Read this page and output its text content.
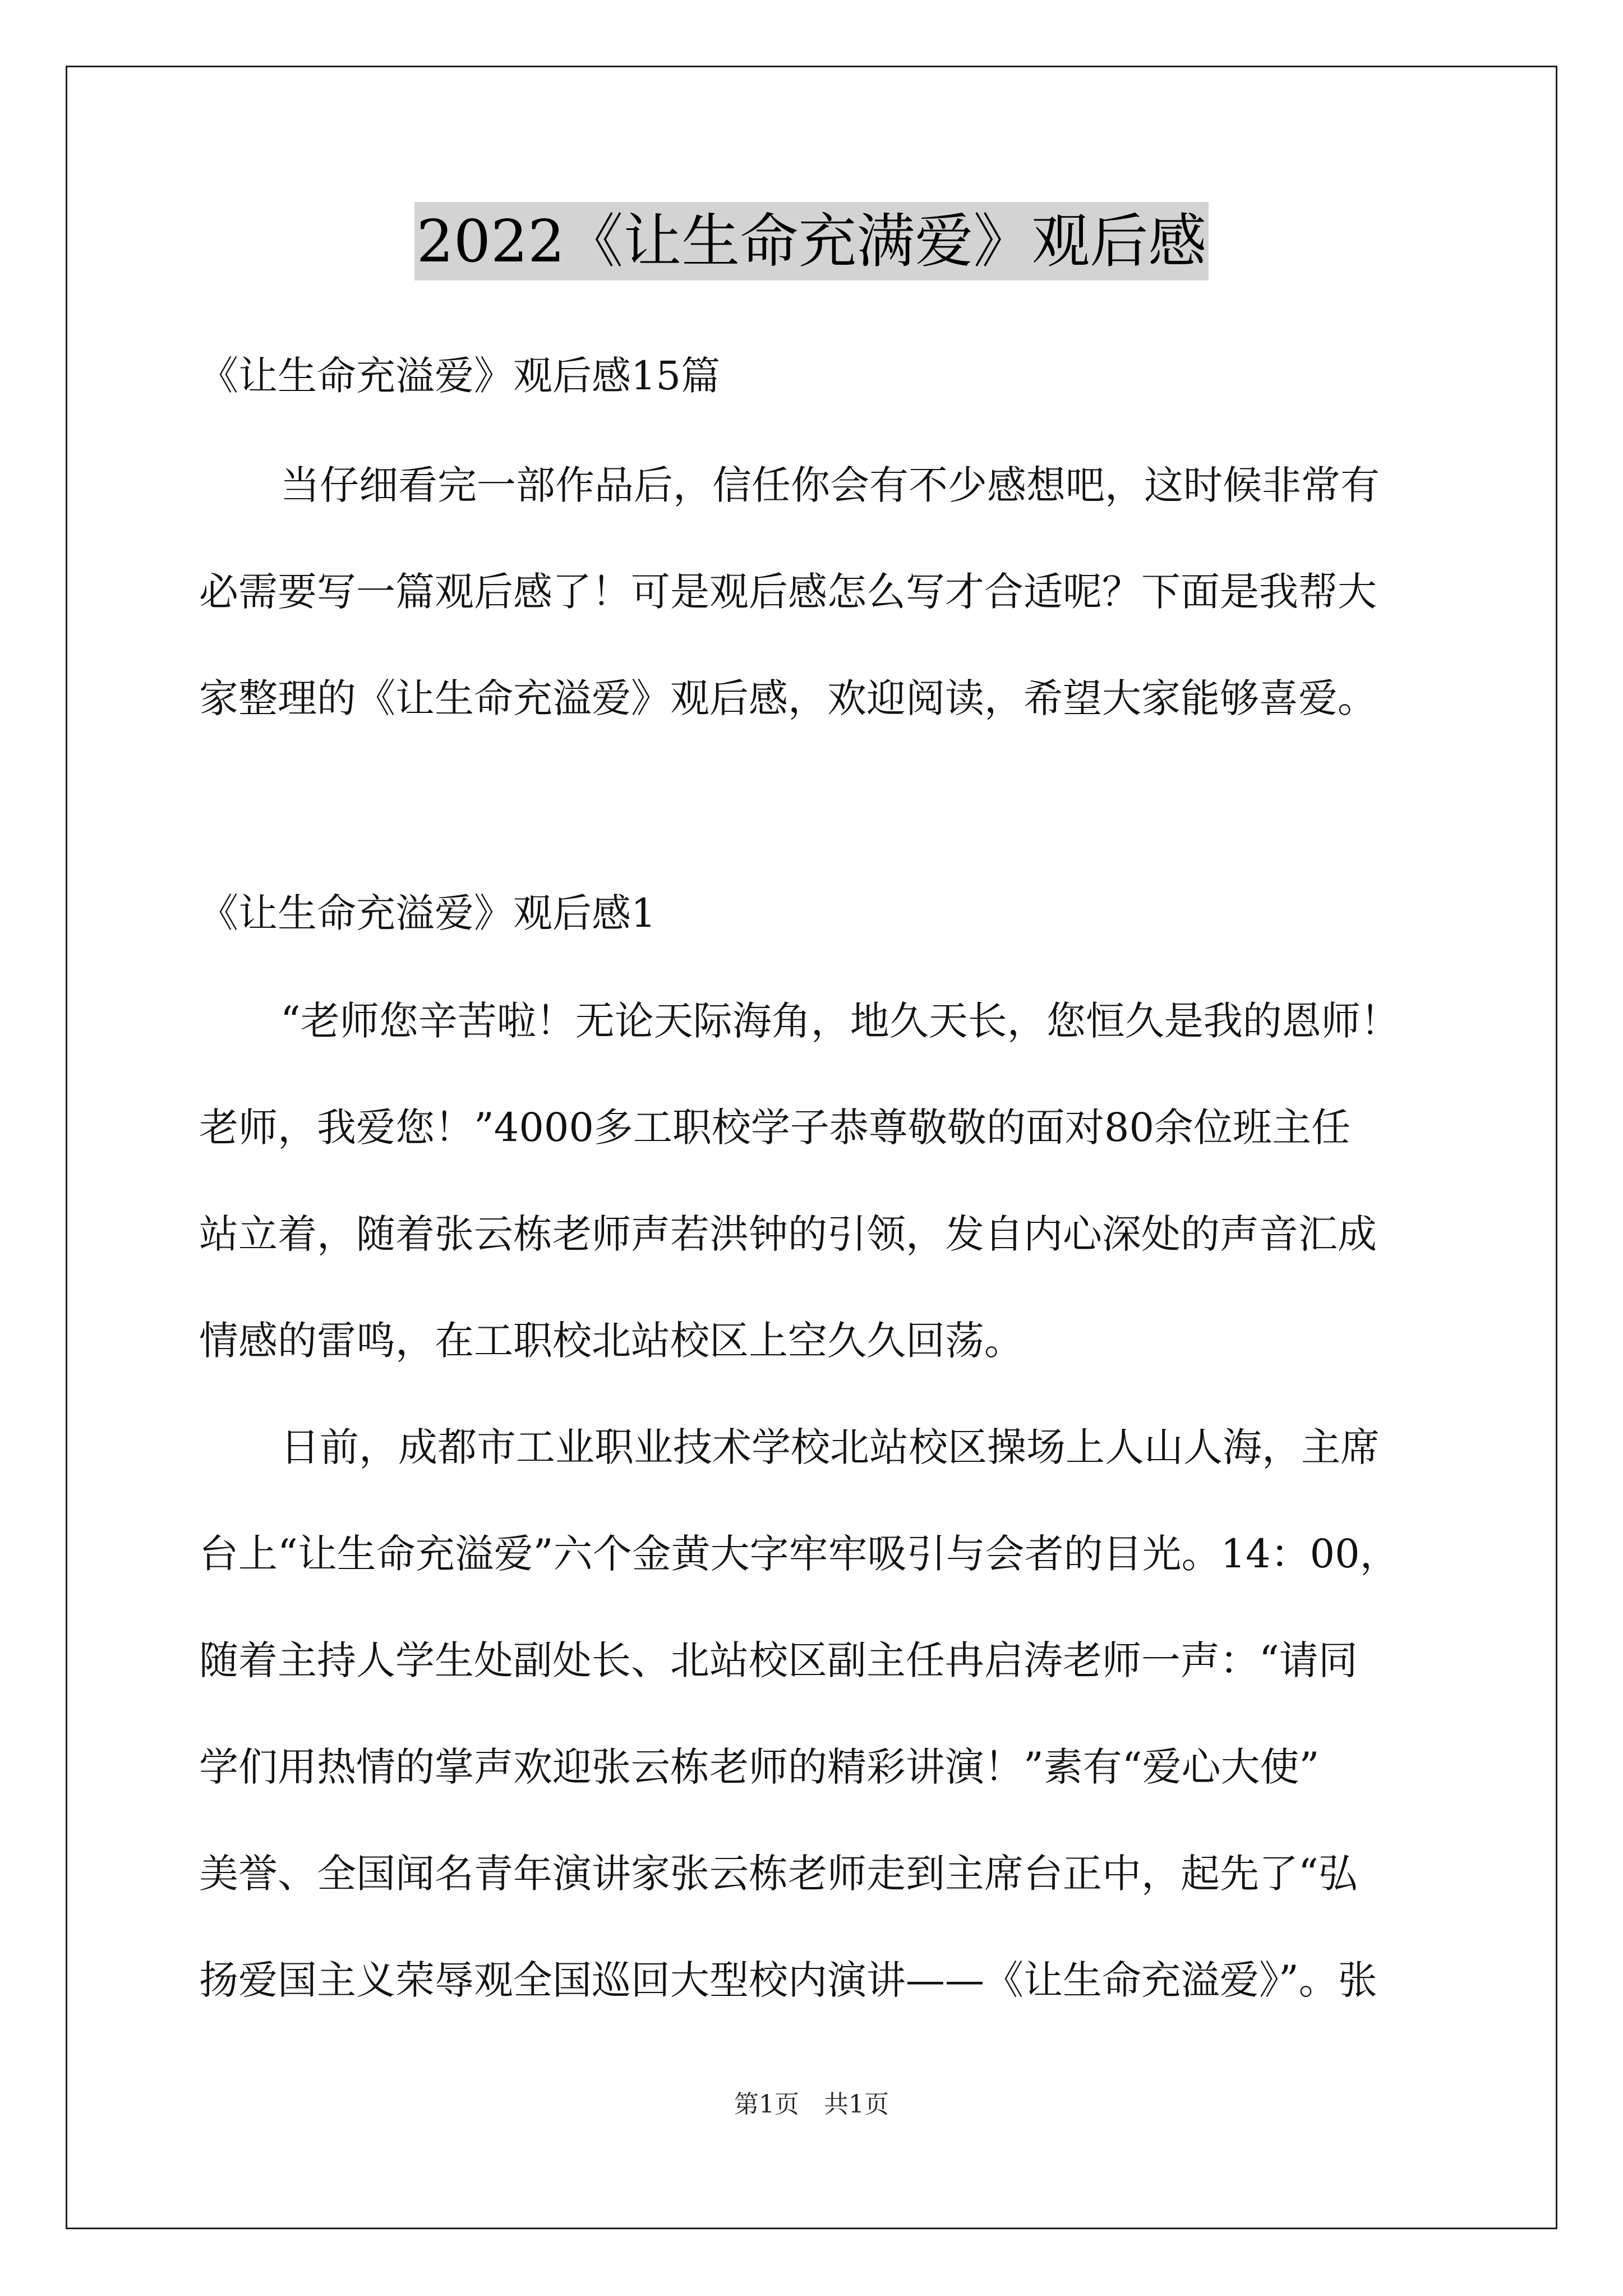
2022《让生命充满爱》观后感
《让生命充溢爱》观后感15篇
当仔细看完一部作品后，信任你会有不少感想吧，这时候非常有
必需要写一篇观后感了！可是观后感怎么写才合适呢？下面是我帮大
家整理的《让生命充溢爱》观后感，欢迎阅读，希望大家能够喜爱。
《让生命充溢爱》观后感1
“老师您辛苦啦！无论天际海角，地久天长，您恒久是我的恩师！
老师，我爱您！”4000多工职校学子恭尊敬敬的面对80余位班主任
站立着，随着张云栋老师声若洪钟的引领，发自内心深处的声音汇成
情感的雷鸣，在工职校北站校区上空久久回荡。
日前，成都市工业职业技术学校北站校区操场上人山人海，主席
台上“让生命充溢爱”六个金黄大字牢牢吸引与会者的目光。14：00，
随着主持人学生处副处长、北站校区副主任冉启涛老师一声：“请同
学们用热情的掌声欢迎张云栋老师的精彩讲演！”素有“爱心大使”
美誉、全国闻名青年演讲家张云栋老师走到主席台正中，起先了“弘
扬爱国主义荣辱观全国巡回大型校内演讲——《让生命充溢爱》”。张
第1页　共1页
